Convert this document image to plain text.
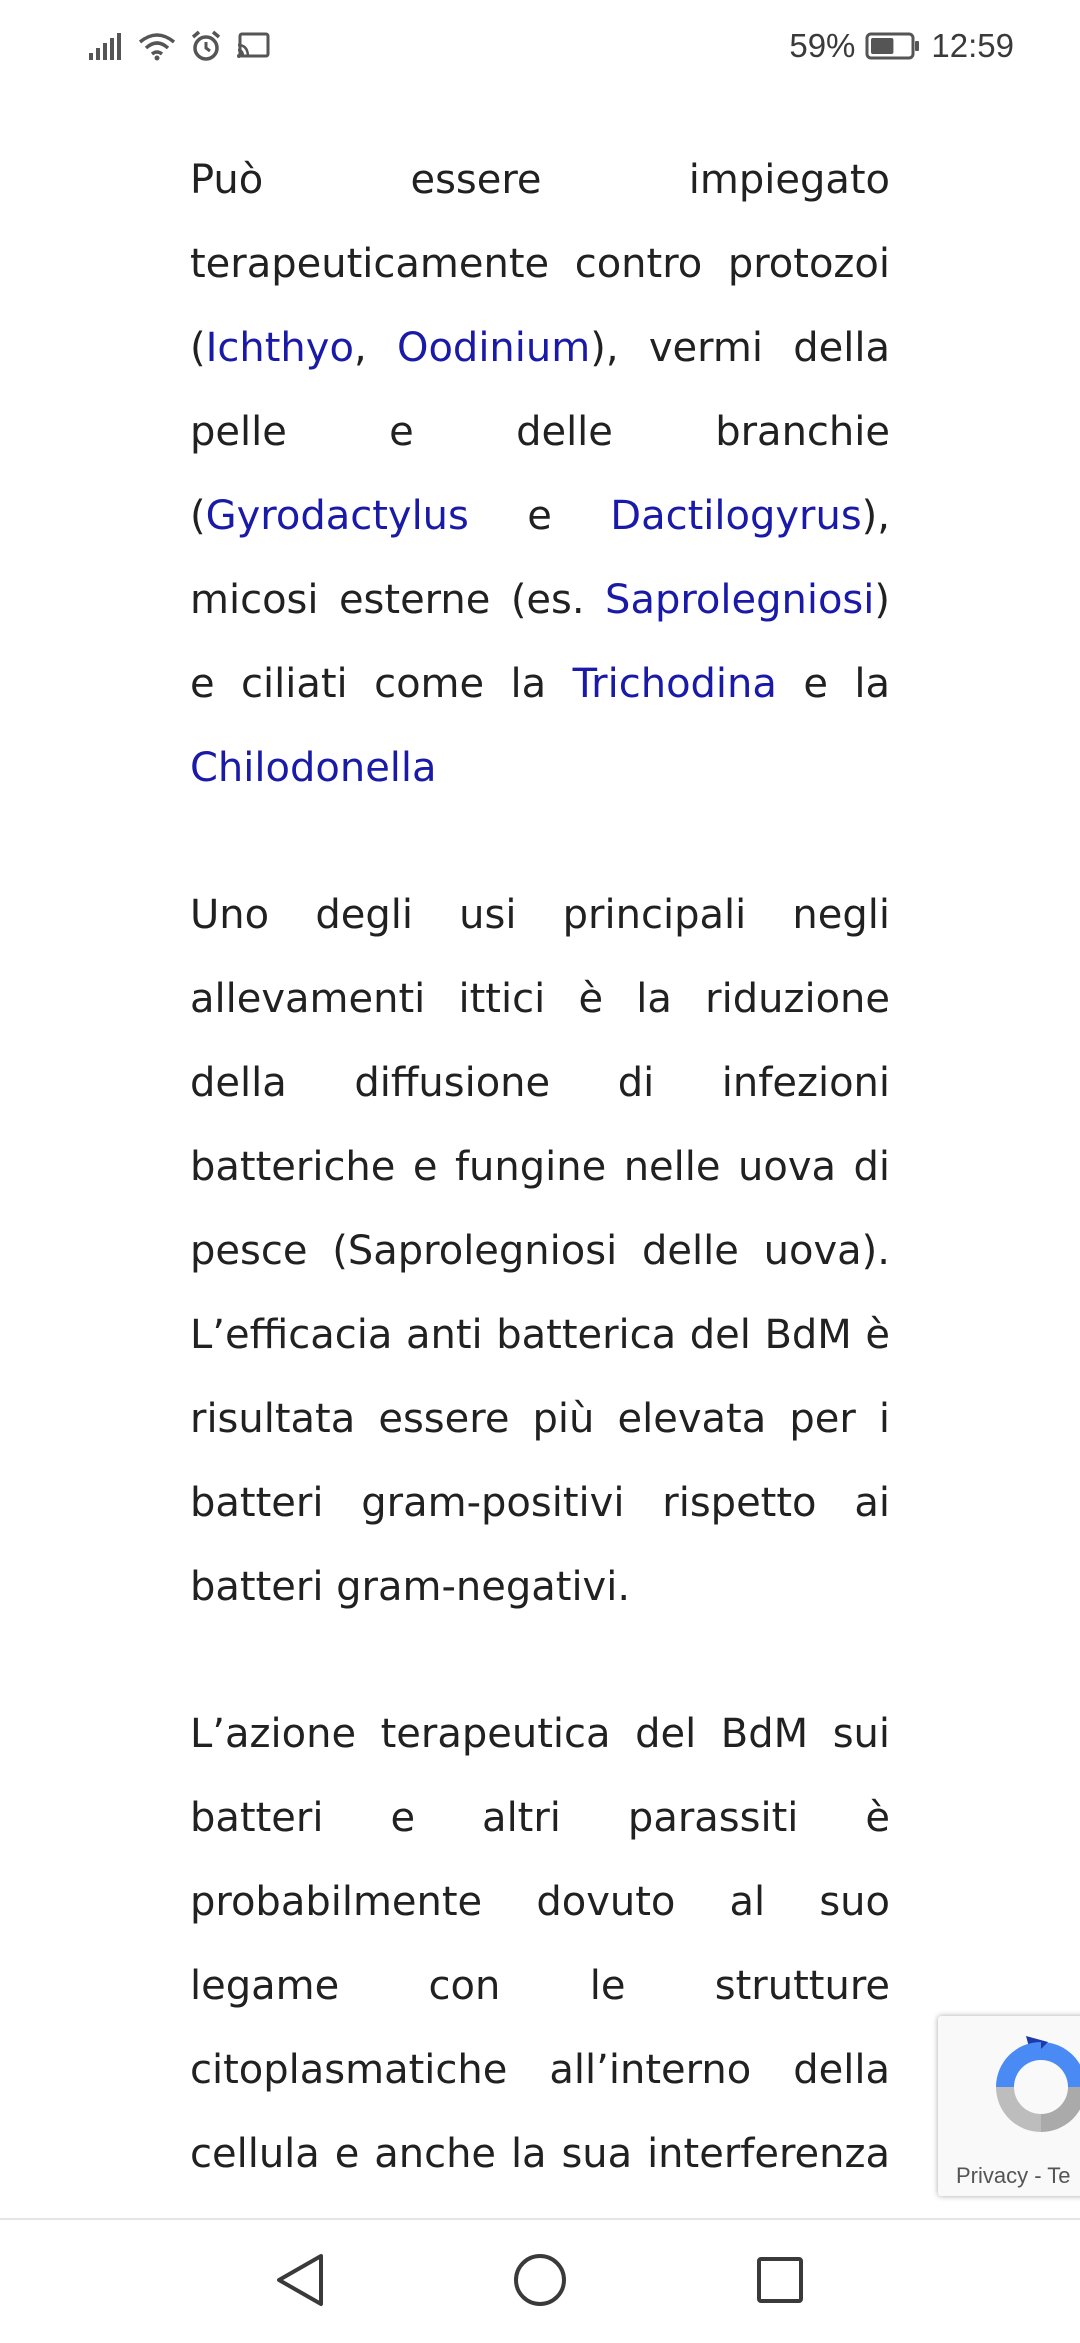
59% 12:59

Può essere impiegato terapeuticamente contro protozoi (Ichthyo, Oodinium), vermi della pelle e delle branchie (Gyrodactylus e Dactilogyrus), micosi esterne (es. Saprolegniosi) e ciliati come la Trichodina e la Chilodonella

Uno degli usi principali negli allevamenti ittici è la riduzione della diffusione di infezioni batteriche e fungine nelle uova di pesce (Saprolegniosi delle uova). L’efficacia anti batterica del BdM è risultata essere più elevata per i batteri gram-positivi rispetto ai batteri gram-negativi.

L’azione terapeutica del BdM sui batteri e altri parassiti è probabilmente dovuto al suo legame con le strutture citoplasmatiche all’interno della cellula e anche la sua interferenza	Privacy - Te
